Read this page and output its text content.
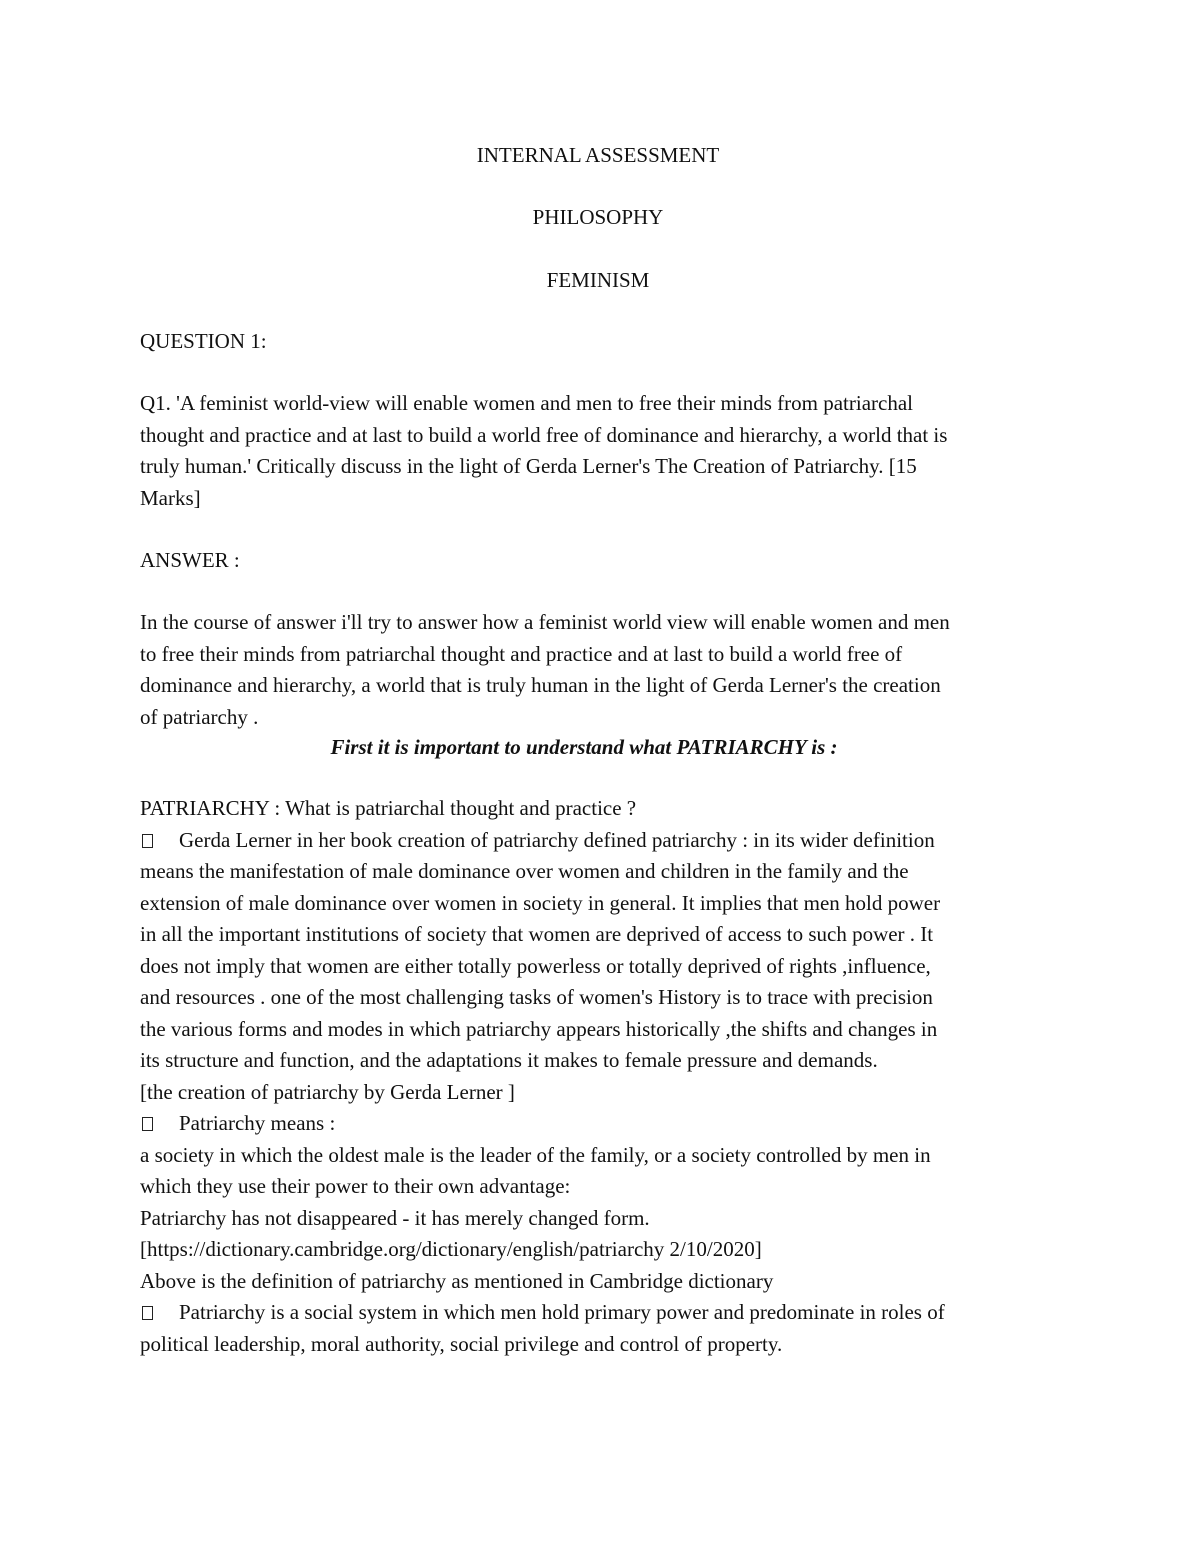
INTERNAL ASSESSMENT
PHILOSOPHY
FEMINISM
QUESTION 1:
Q1. 'A feminist world-view will enable women and men to free their minds from patriarchal
thought and practice and at last to build a world free of dominance and hierarchy, a world that is
truly human.' Critically discuss in the light of Gerda Lerner's The Creation of Patriarchy. [15
Marks]
ANSWER :
In the course of answer i'll try to answer how a feminist world view will enable women and men
to free their minds from patriarchal thought and practice and at last to build a world free of
dominance and hierarchy, a world that is truly human in the light of Gerda Lerner's the creation
of patriarchy .
First it is important to understand what PATRIARCHY is :
PATRIARCHY : What is patriarchal thought and practice ?
Gerda Lerner in her book creation of patriarchy defined patriarchy : in its wider definition
means the manifestation of male dominance over women and children in the family and the
extension of male dominance over women in society in general. It implies that men hold power
in all the important institutions of society that women are deprived of access to such power . It
does not imply that women are either totally powerless or totally deprived of rights ,influence,
and resources . one of the most challenging tasks of women's History is to trace with precision
the various forms and modes in which patriarchy appears historically ,the shifts and changes in
its structure and function, and the adaptations it makes to female pressure and demands.
[the creation of patriarchy by Gerda Lerner ]
Patriarchy means :
a society in which the oldest male is the leader of the family, or a society controlled by men in
which they use their power to their own advantage:
Patriarchy has not disappeared - it has merely changed form.
[https://dictionary.cambridge.org/dictionary/english/patriarchy 2/10/2020]
Above is the definition of patriarchy as mentioned in Cambridge dictionary
Patriarchy is a social system in which men hold primary power and predominate in roles of
political leadership, moral authority, social privilege and control of property.
